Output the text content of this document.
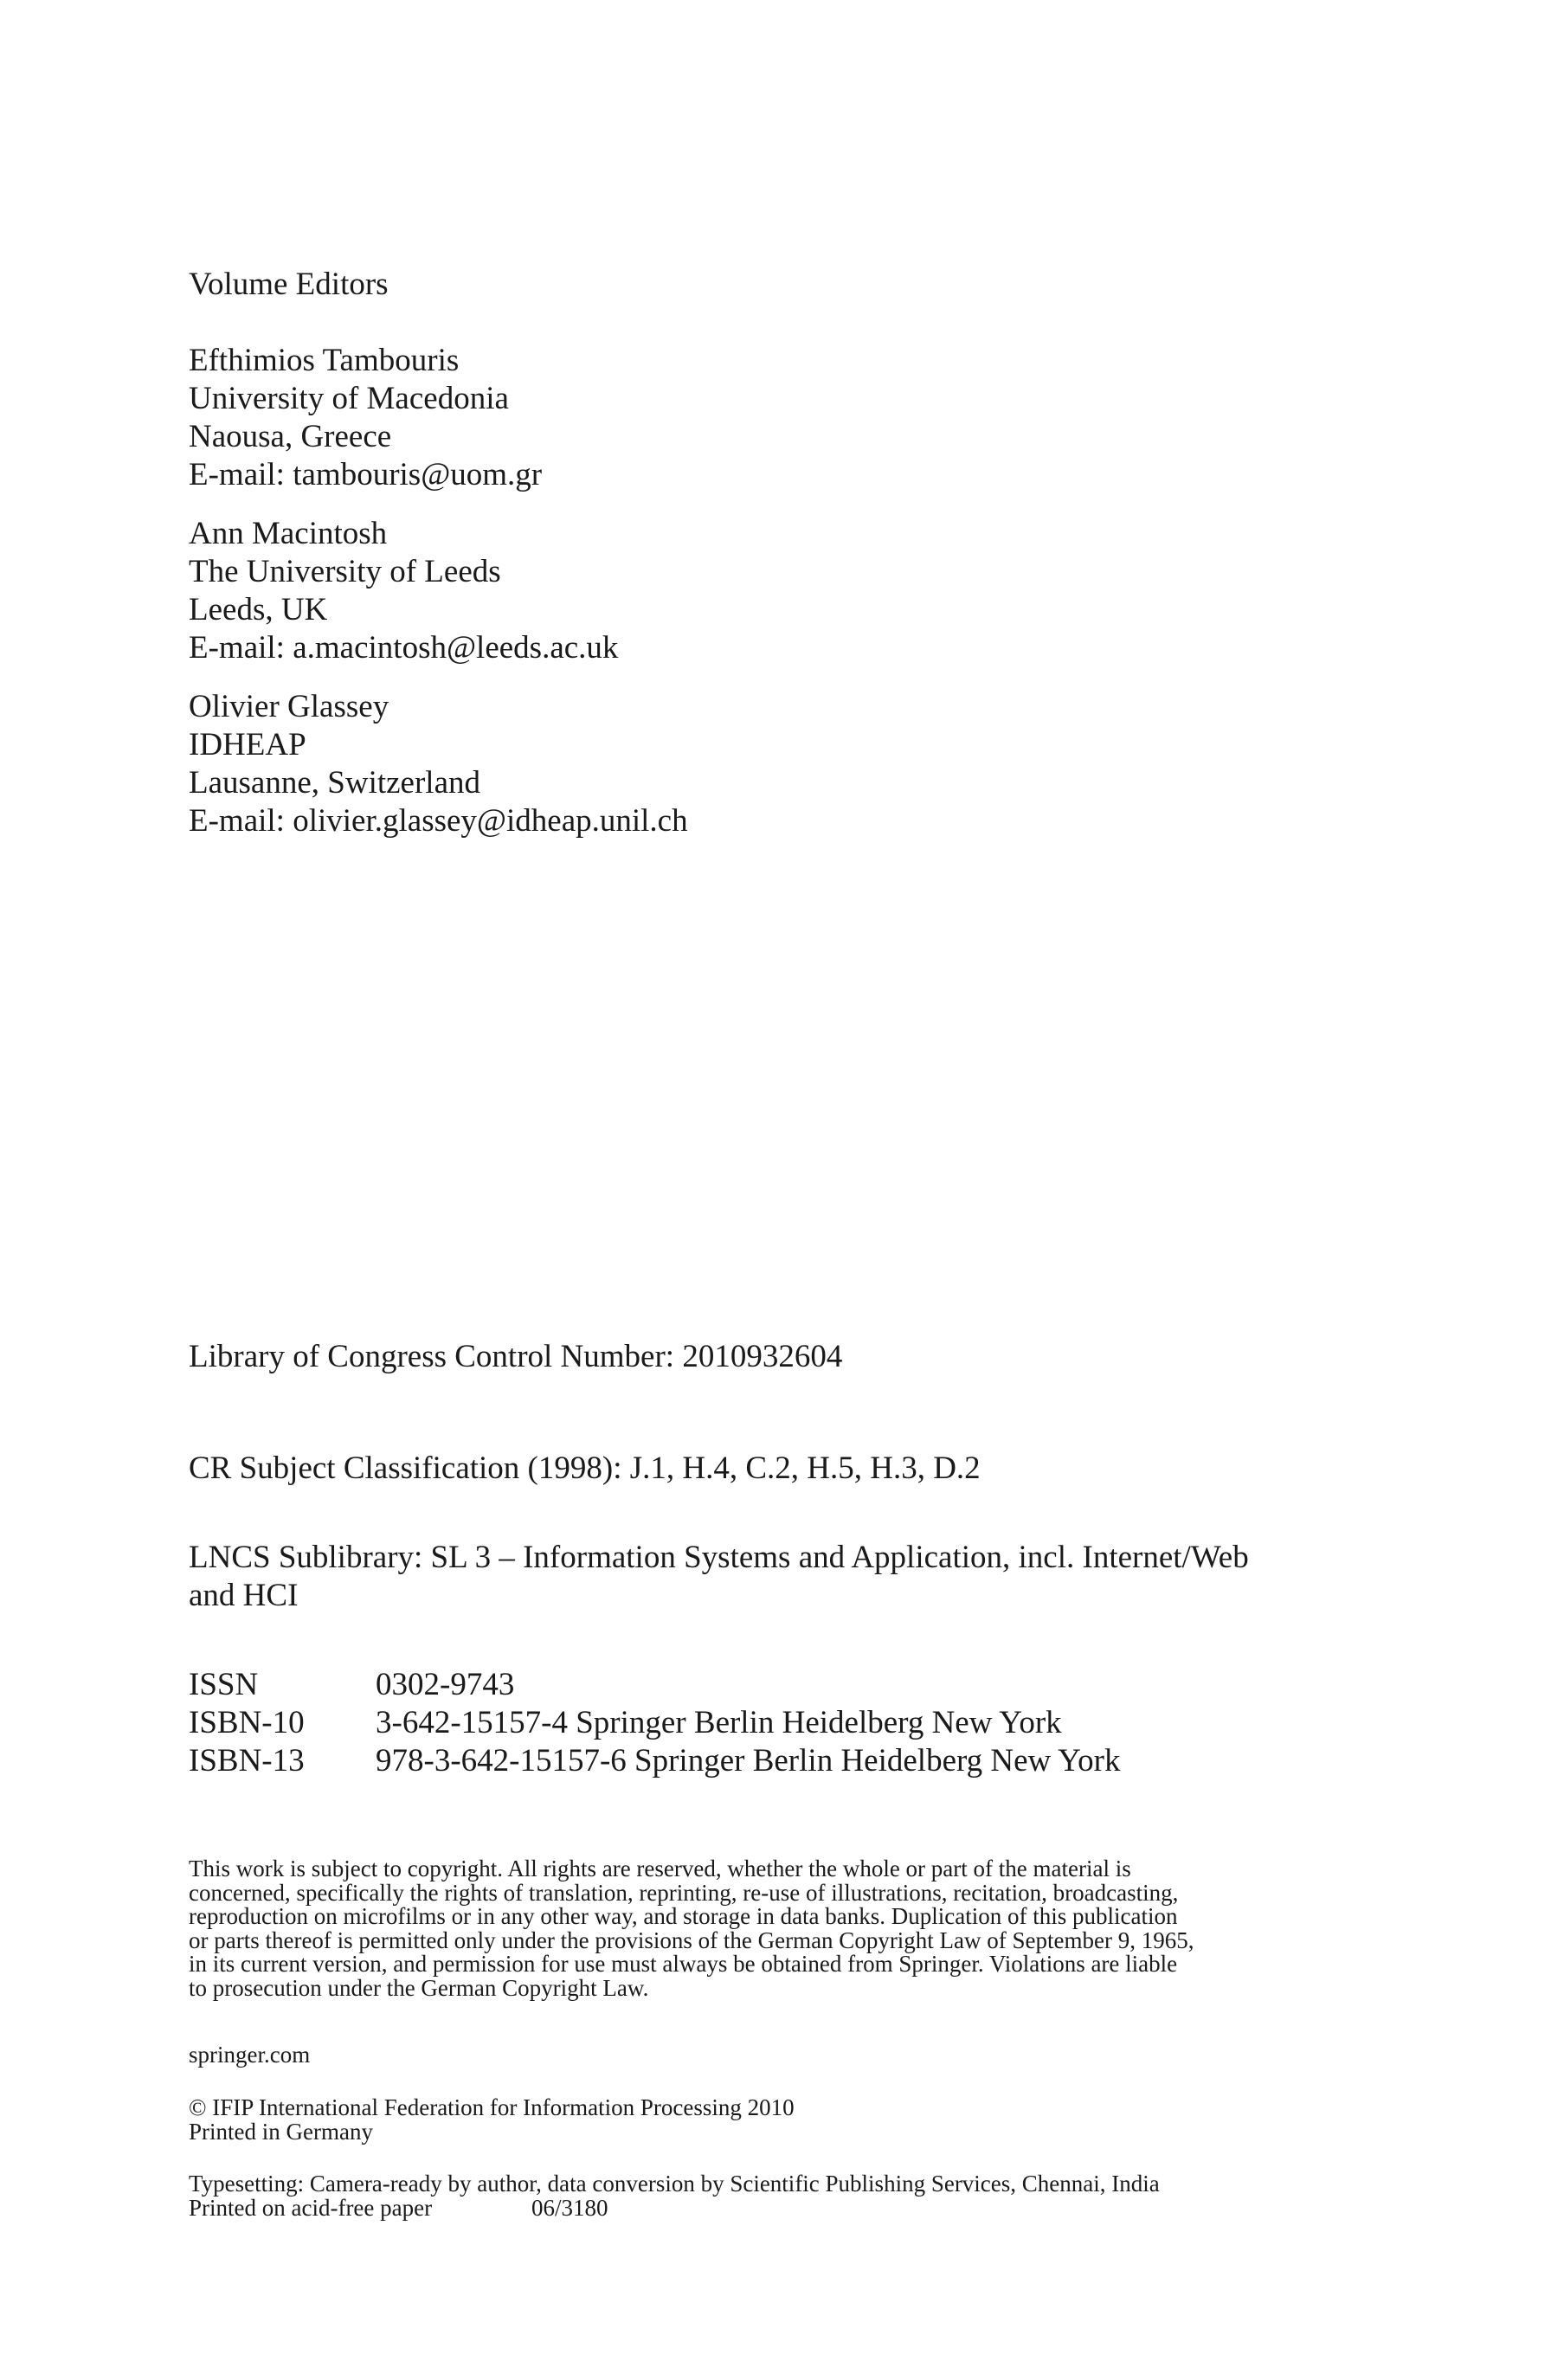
Volume Editors
Efthimios Tambouris
University of Macedonia
Naousa, Greece
E-mail: tambouris@uom.gr
Ann Macintosh
The University of Leeds
Leeds, UK
E-mail: a.macintosh@leeds.ac.uk
Olivier Glassey
IDHEAP
Lausanne, Switzerland
E-mail: olivier.glassey@idheap.unil.ch
Library of Congress Control Number: 2010932604
CR Subject Classification (1998): J.1, H.4, C.2, H.5, H.3, D.2
LNCS Sublibrary: SL 3 – Information Systems and Application, incl. Internet/Web
and HCI
ISSN	0302-9743
ISBN-10	3-642-15157-4 Springer Berlin Heidelberg New York
ISBN-13	978-3-642-15157-6 Springer Berlin Heidelberg New York
This work is subject to copyright. All rights are reserved, whether the whole or part of the material is
concerned, specifically the rights of translation, reprinting, re-use of illustrations, recitation, broadcasting,
reproduction on microfilms or in any other way, and storage in data banks. Duplication of this publication
or parts thereof is permitted only under the provisions of the German Copyright Law of September 9, 1965,
in its current version, and permission for use must always be obtained from Springer. Violations are liable
to prosecution under the German Copyright Law.
springer.com
© IFIP International Federation for Information Processing 2010
Printed in Germany
Typesetting: Camera-ready by author, data conversion by Scientific Publishing Services, Chennai, India
Printed on acid-free paper	06/3180
